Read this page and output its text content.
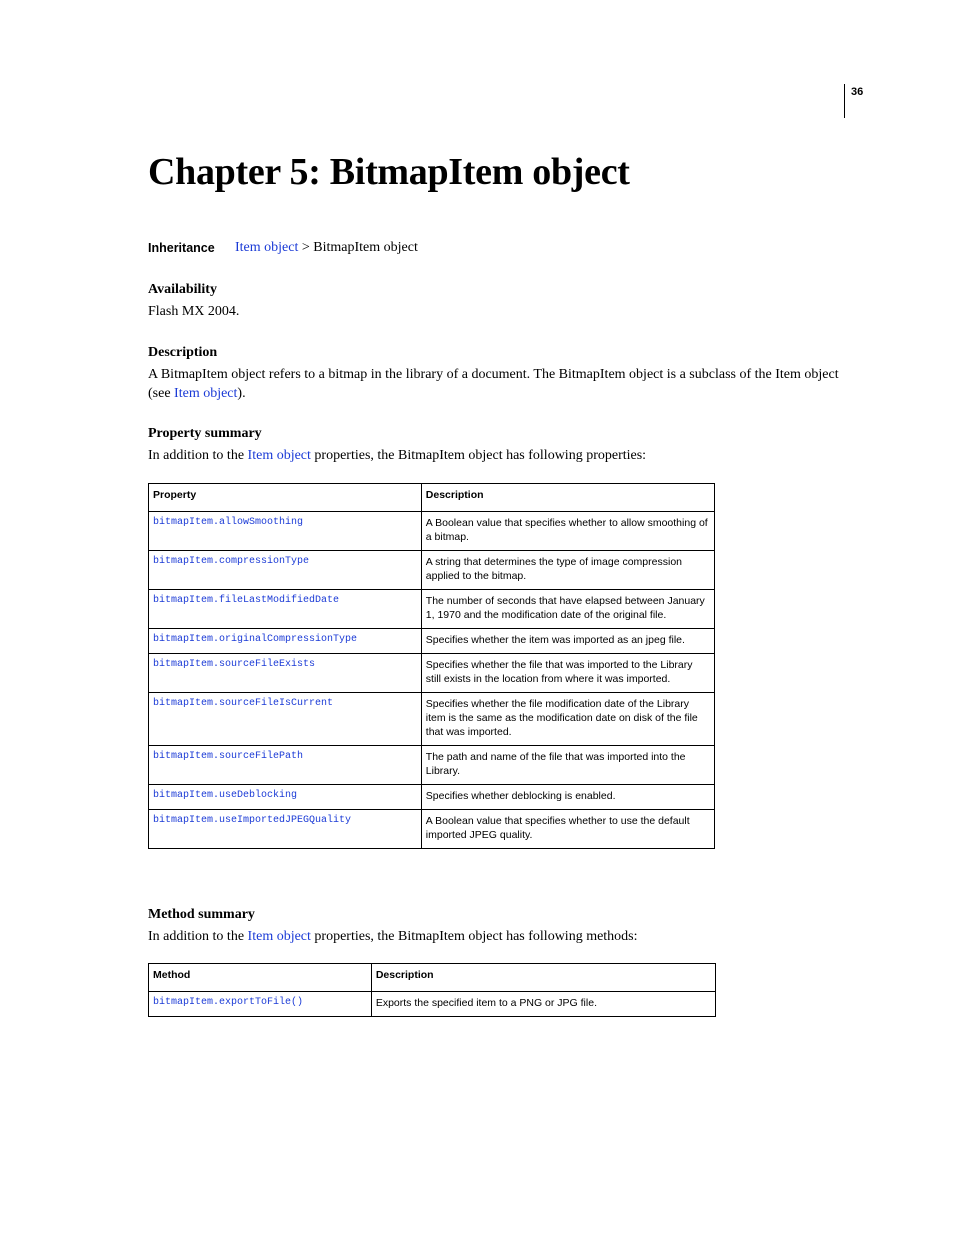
36
Chapter 5: BitmapItem object
Inheritance Item object > BitmapItem object
Availability

Flash MX 2004.

Description

A BitmapItem object refers to a bitmap in the library of a document. The BitmapItem object is a subclass of the Item object (see Item object).

Property summary

In addition to the Item object properties, the BitmapItem object has following properties:

Property	Description
bitmapItem.allowSmoothing	A Boolean value that specifies whether to allow smoothing of a bitmap.
bitmapItem.compressionType	A string that determines the type of image compression applied to the bitmap.
bitmapItem.fileLastModifiedDate	The number of seconds that have elapsed between January 1, 1970 and the modification date of the original file.
bitmapItem.originalCompressionType	Specifies whether the item was imported as an jpeg file.
bitmapItem.sourceFileExists	Specifies whether the file that was imported to the Library still exists in the location from where it was imported.
bitmapItem.sourceFileIsCurrent	Specifies whether the file modification date of the Library item is the same as the modification date on disk of the file that was imported.
bitmapItem.sourceFilePath	The path and name of the file that was imported into the Library.
bitmapItem.useDeblocking	Specifies whether deblocking is enabled.
bitmapItem.useImportedJPEGQuality	A Boolean value that specifies whether to use the default imported JPEG quality.
Method summary

In addition to the Item object properties, the BitmapItem object has following methods:

Method	Description
bitmapItem.exportToFile()	Exports the specified item to a PNG or JPG file.
